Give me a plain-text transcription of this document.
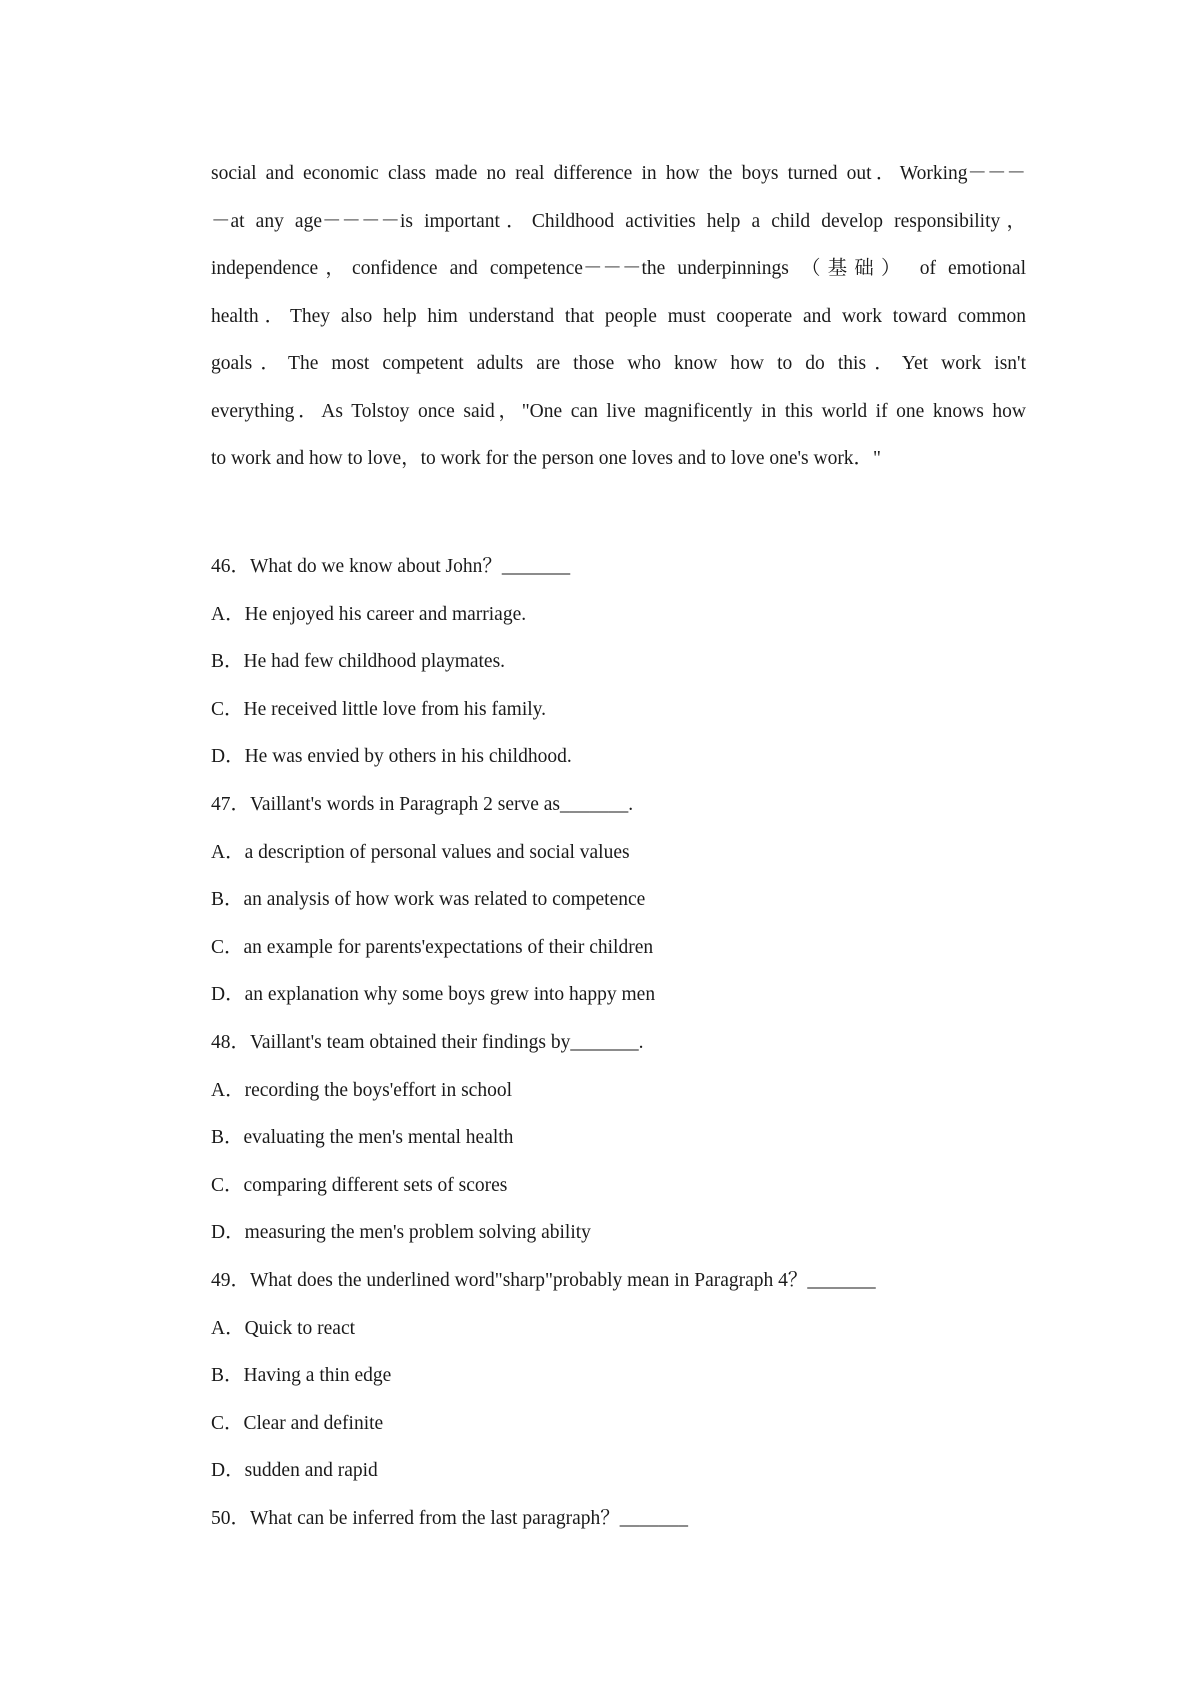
social and economic class made no real difference in how the boys turned out．Working－－－
－at any age－－－－is important．Childhood activities help a child develop responsibility，
independence，confidence and competence－－－the underpinnings （基础） of emotional
health．They also help him understand that people must cooperate and work toward common
goals．The most competent adults are those who know how to do this．Yet work isn't
everything．As Tolstoy once said，"One can live magnificently in this world if one knows how
to work and how to love，to work for the person one loves and to love one's work．"
46．What do we know about John？_______
A．He enjoyed his career and marriage.
B．He had few childhood playmates.
C．He received little love from his family.
D．He was envied by others in his childhood.
47．Vaillant's words in Paragraph 2 serve as_______.
A．a description of personal values and social values
B．an analysis of how work was related to competence
C．an example for parents'expectations of their children
D．an explanation why some boys grew into happy men
48．Vaillant's team obtained their findings by_______.
A．recording the boys'effort in school
B．evaluating the men's mental health
C．comparing different sets of scores
D．measuring the men's problem solving ability
49．What does the underlined word"sharp"probably mean in Paragraph 4？_______
A．Quick to react
B．Having a thin edge
C．Clear and definite
D．sudden and rapid
50．What can be inferred from the last paragraph？_______
